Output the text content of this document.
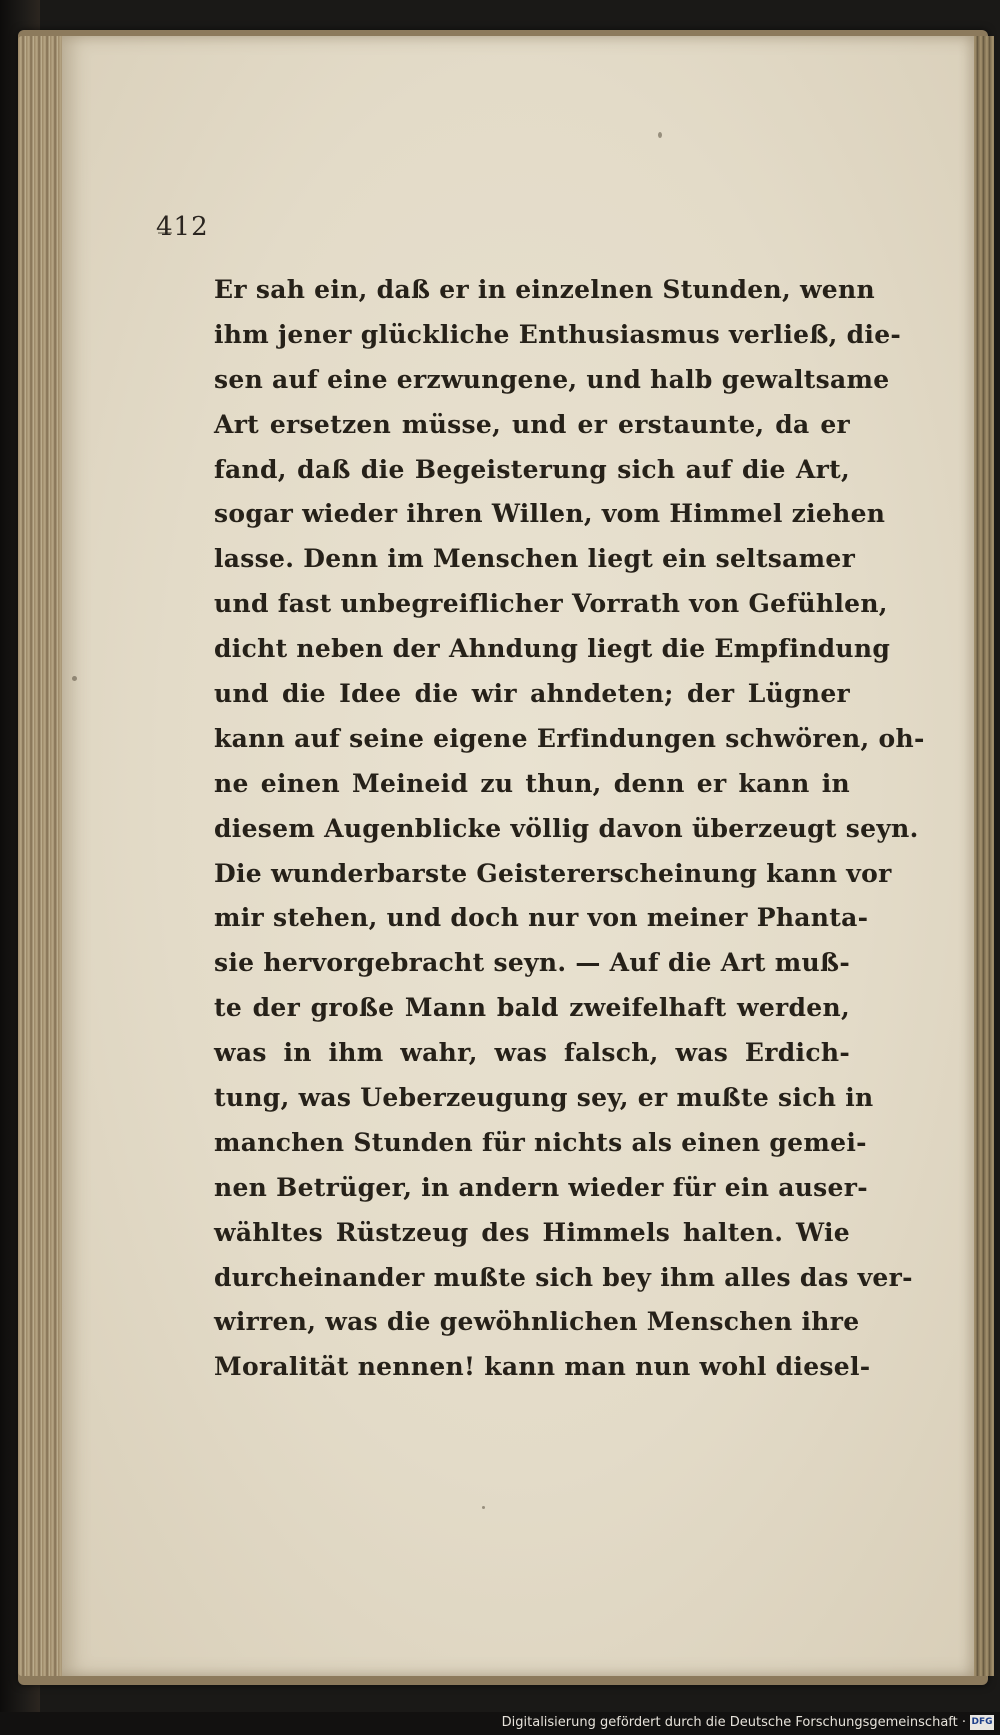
412
Er sah ein, daß er in einzelnen Stunden, wenn
ihm jener glückliche Enthusiasmus verließ, die-
sen auf eine erzwungene, und halb gewaltsame
Art ersetzen müsse, und er erstaunte, da er
fand, daß die Begeisterung sich auf die Art,
sogar wieder ihren Willen, vom Himmel ziehen
lasse. Denn im Menschen liegt ein seltsamer
und fast unbegreiflicher Vorrath von Gefühlen,
dicht neben der Ahndung liegt die Empfindung
und die Idee die wir ahndeten; der Lügner
kann auf seine eigene Erfindungen schwören, oh-
ne einen Meineid zu thun, denn er kann in
diesem Augenblicke völlig davon überzeugt seyn.
Die wunderbarste Geistererscheinung kann vor
mir stehen, und doch nur von meiner Phanta-
sie hervorgebracht seyn. — Auf die Art muß-
te der große Mann bald zweifelhaft werden,
was in ihm wahr, was falsch, was Erdich-
tung, was Ueberzeugung sey, er mußte sich in
manchen Stunden für nichts als einen gemei-
nen Betrüger, in andern wieder für ein auser-
wähltes Rüstzeug des Himmels halten. Wie
durcheinander mußte sich bey ihm alles das ver-
wirren, was die gewöhnlichen Menschen ihre
Moralität nennen! kann man nun wohl diesel-
Digitalisierung gefördert durch die Deutsche Forschungsgemeinschaft · DFG
